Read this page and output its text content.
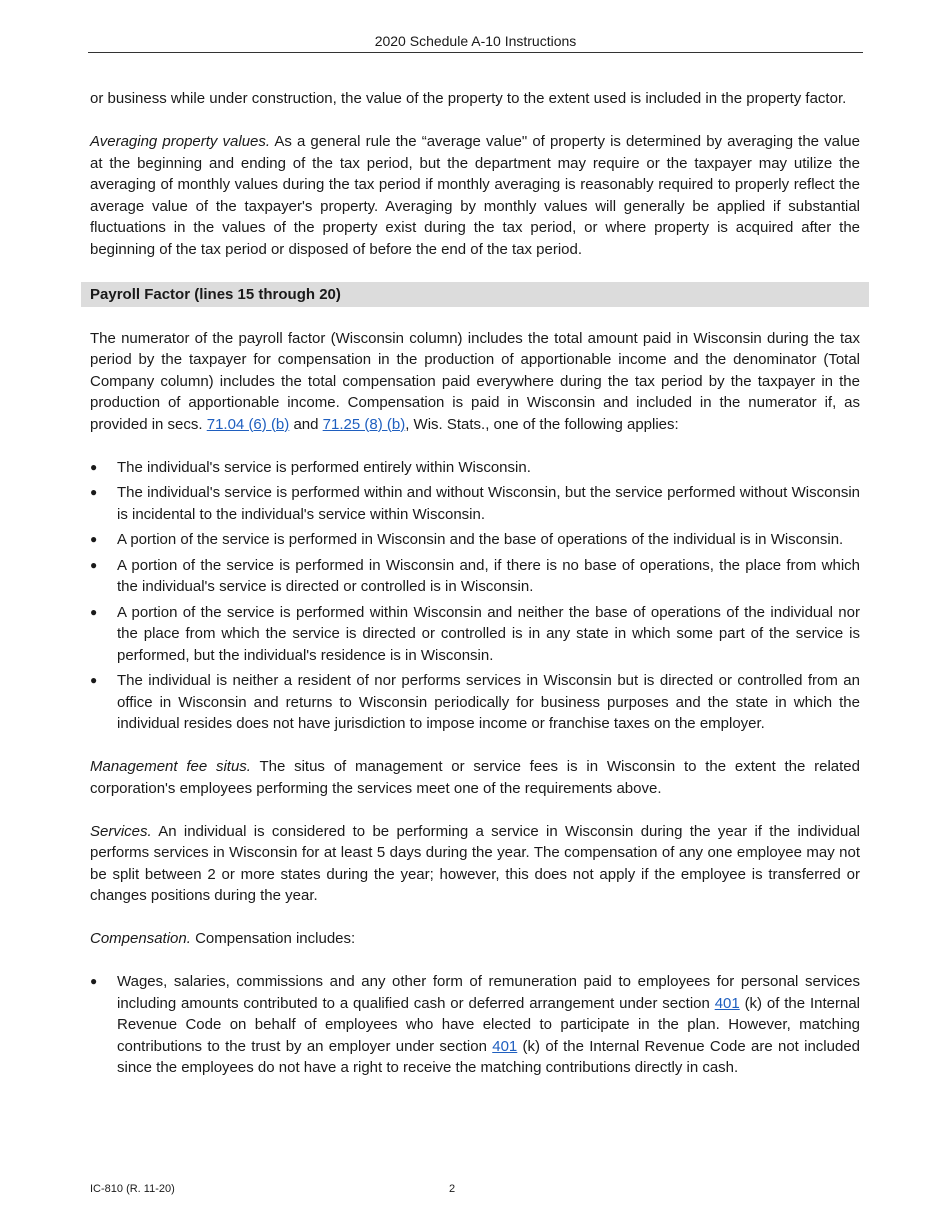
2020 Schedule A-10 Instructions

or business while under construction, the value of the property to the extent used is included in the property factor.

Averaging property values. As a general rule the “average value" of property is determined by averaging the value at the beginning and ending of the tax period, but the department may require or the taxpayer may utilize the averaging of monthly values during the tax period if monthly averaging is reasonably required to properly reflect the average value of the taxpayer's property. Averaging by monthly values will generally be applied if substantial fluctuations in the values of the property exist during the tax period, or where property is acquired after the beginning of the tax period or disposed of before the end of the tax period.

Payroll Factor (lines 15 through 20)

The numerator of the payroll factor (Wisconsin column) includes the total amount paid in Wisconsin during the tax period by the taxpayer for compensation in the production of apportionable income and the denominator (Total Company column) includes the total compensation paid everywhere during the tax period by the taxpayer in the production of apportionable income. Compensation is paid in Wisconsin and included in the numerator if, as provided in secs. 71.04 (6) (b) and 71.25 (8) (b), Wis. Stats., one of the following applies:

● The individual's service is performed entirely within Wisconsin.
● The individual's service is performed within and without Wisconsin, but the service performed without Wisconsin is incidental to the individual's service within Wisconsin.
● A portion of the service is performed in Wisconsin and the base of operations of the individual is in Wisconsin.
● A portion of the service is performed in Wisconsin and, if there is no base of operations, the place from which the individual's service is directed or controlled is in Wisconsin.
● A portion of the service is performed within Wisconsin and neither the base of operations of the individual nor the place from which the service is directed or controlled is in any state in which some part of the service is performed, but the individual's residence is in Wisconsin.
● The individual is neither a resident of nor performs services in Wisconsin but is directed or controlled from an office in Wisconsin and returns to Wisconsin periodically for business purposes and the state in which the individual resides does not have jurisdiction to impose income or franchise taxes on the employer.

Management fee situs. The situs of management or service fees is in Wisconsin to the extent the related corporation's employees performing the services meet one of the requirements above.

Services. An individual is considered to be performing a service in Wisconsin during the year if the individual performs services in Wisconsin for at least 5 days during the year. The compensation of any one employee may not be split between 2 or more states during the year; however, this does not apply if the employee is transferred or changes positions during the year.

Compensation. Compensation includes:

● Wages, salaries, commissions and any other form of remuneration paid to employees for personal services including amounts contributed to a qualified cash or deferred arrangement under section 401 (k) of the Internal Revenue Code on behalf of employees who have elected to participate in the plan. However, matching contributions to the trust by an employer under section 401 (k) of the Internal Revenue Code are not included since the employees do not have a right to receive the matching contributions directly in cash.
IC-810 (R. 11-20)	2
